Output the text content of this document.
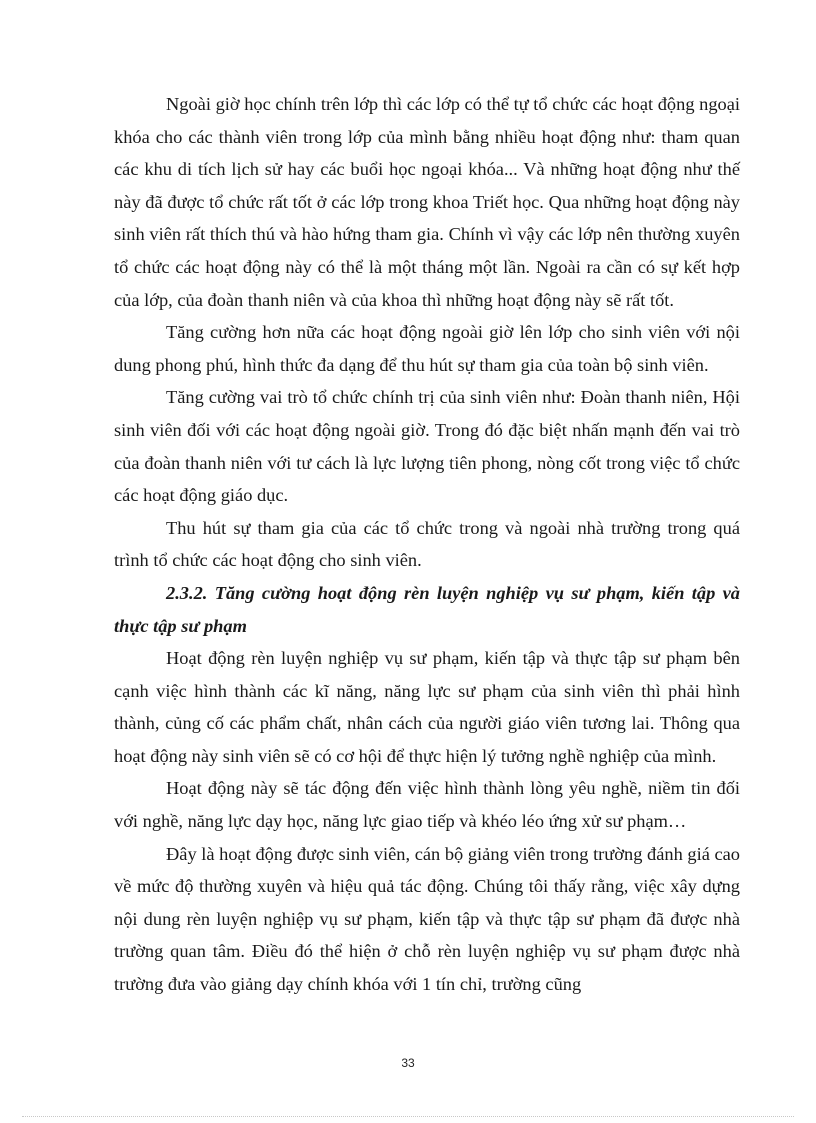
Ngoài giờ học chính trên lớp thì các lớp có thể tự tổ chức các hoạt động ngoại khóa cho các thành viên trong lớp của mình bằng nhiều hoạt động như: tham quan các khu di tích lịch sử hay các buổi học ngoại khóa... Và những hoạt động như thế này đã được tổ chức rất tốt ở các lớp trong khoa Triết học. Qua những hoạt động này sinh viên rất thích thú và hào hứng tham gia. Chính vì vậy các lớp nên thường xuyên tổ chức các hoạt động này có thể là một tháng một lần. Ngoài ra cần có sự kết hợp của lớp, của đoàn thanh niên và của khoa thì những hoạt động này sẽ rất tốt.

Tăng cường hơn nữa các hoạt động ngoài giờ lên lớp cho sinh viên với nội dung phong phú, hình thức đa dạng để thu hút sự tham gia của toàn bộ sinh viên.

Tăng cường vai trò tổ chức chính trị của sinh viên như: Đoàn thanh niên, Hội sinh viên đối với các hoạt động ngoài giờ. Trong đó đặc biệt nhấn mạnh đến vai trò của đoàn thanh niên với tư cách là lực lượng tiên phong, nòng cốt trong việc tổ chức các hoạt động giáo dục.

Thu hút sự tham gia của các tổ chức trong và ngoài nhà trường trong quá trình tổ chức các hoạt động cho sinh viên.

2.3.2. Tăng cường hoạt động rèn luyện nghiệp vụ sư phạm, kiến tập và thực tập sư phạm

Hoạt động rèn luyện nghiệp vụ sư phạm, kiến tập và thực tập sư phạm bên cạnh việc hình thành các kĩ năng, năng lực sư phạm của sinh viên thì phải hình thành, củng cố các phẩm chất, nhân cách của người giáo viên tương lai. Thông qua hoạt động này sinh viên sẽ có cơ hội để thực hiện lý tưởng nghề nghiệp của mình.

Hoạt động này sẽ tác động đến việc hình thành lòng yêu nghề, niềm tin đối với nghề, năng lực dạy học, năng lực giao tiếp và khéo léo ứng xử sư phạm…

Đây là hoạt động được sinh viên, cán bộ giảng viên trong trường đánh giá cao về mức độ thường xuyên và hiệu quả tác động. Chúng tôi thấy rằng, việc xây dựng nội dung rèn luyện nghiệp vụ sư phạm, kiến tập và thực tập sư phạm đã được nhà trường quan tâm. Điều đó thể hiện ở chỗ rèn luyện nghiệp vụ sư phạm được nhà trường đưa vào giảng dạy chính khóa với 1 tín chỉ, trường cũng

33
